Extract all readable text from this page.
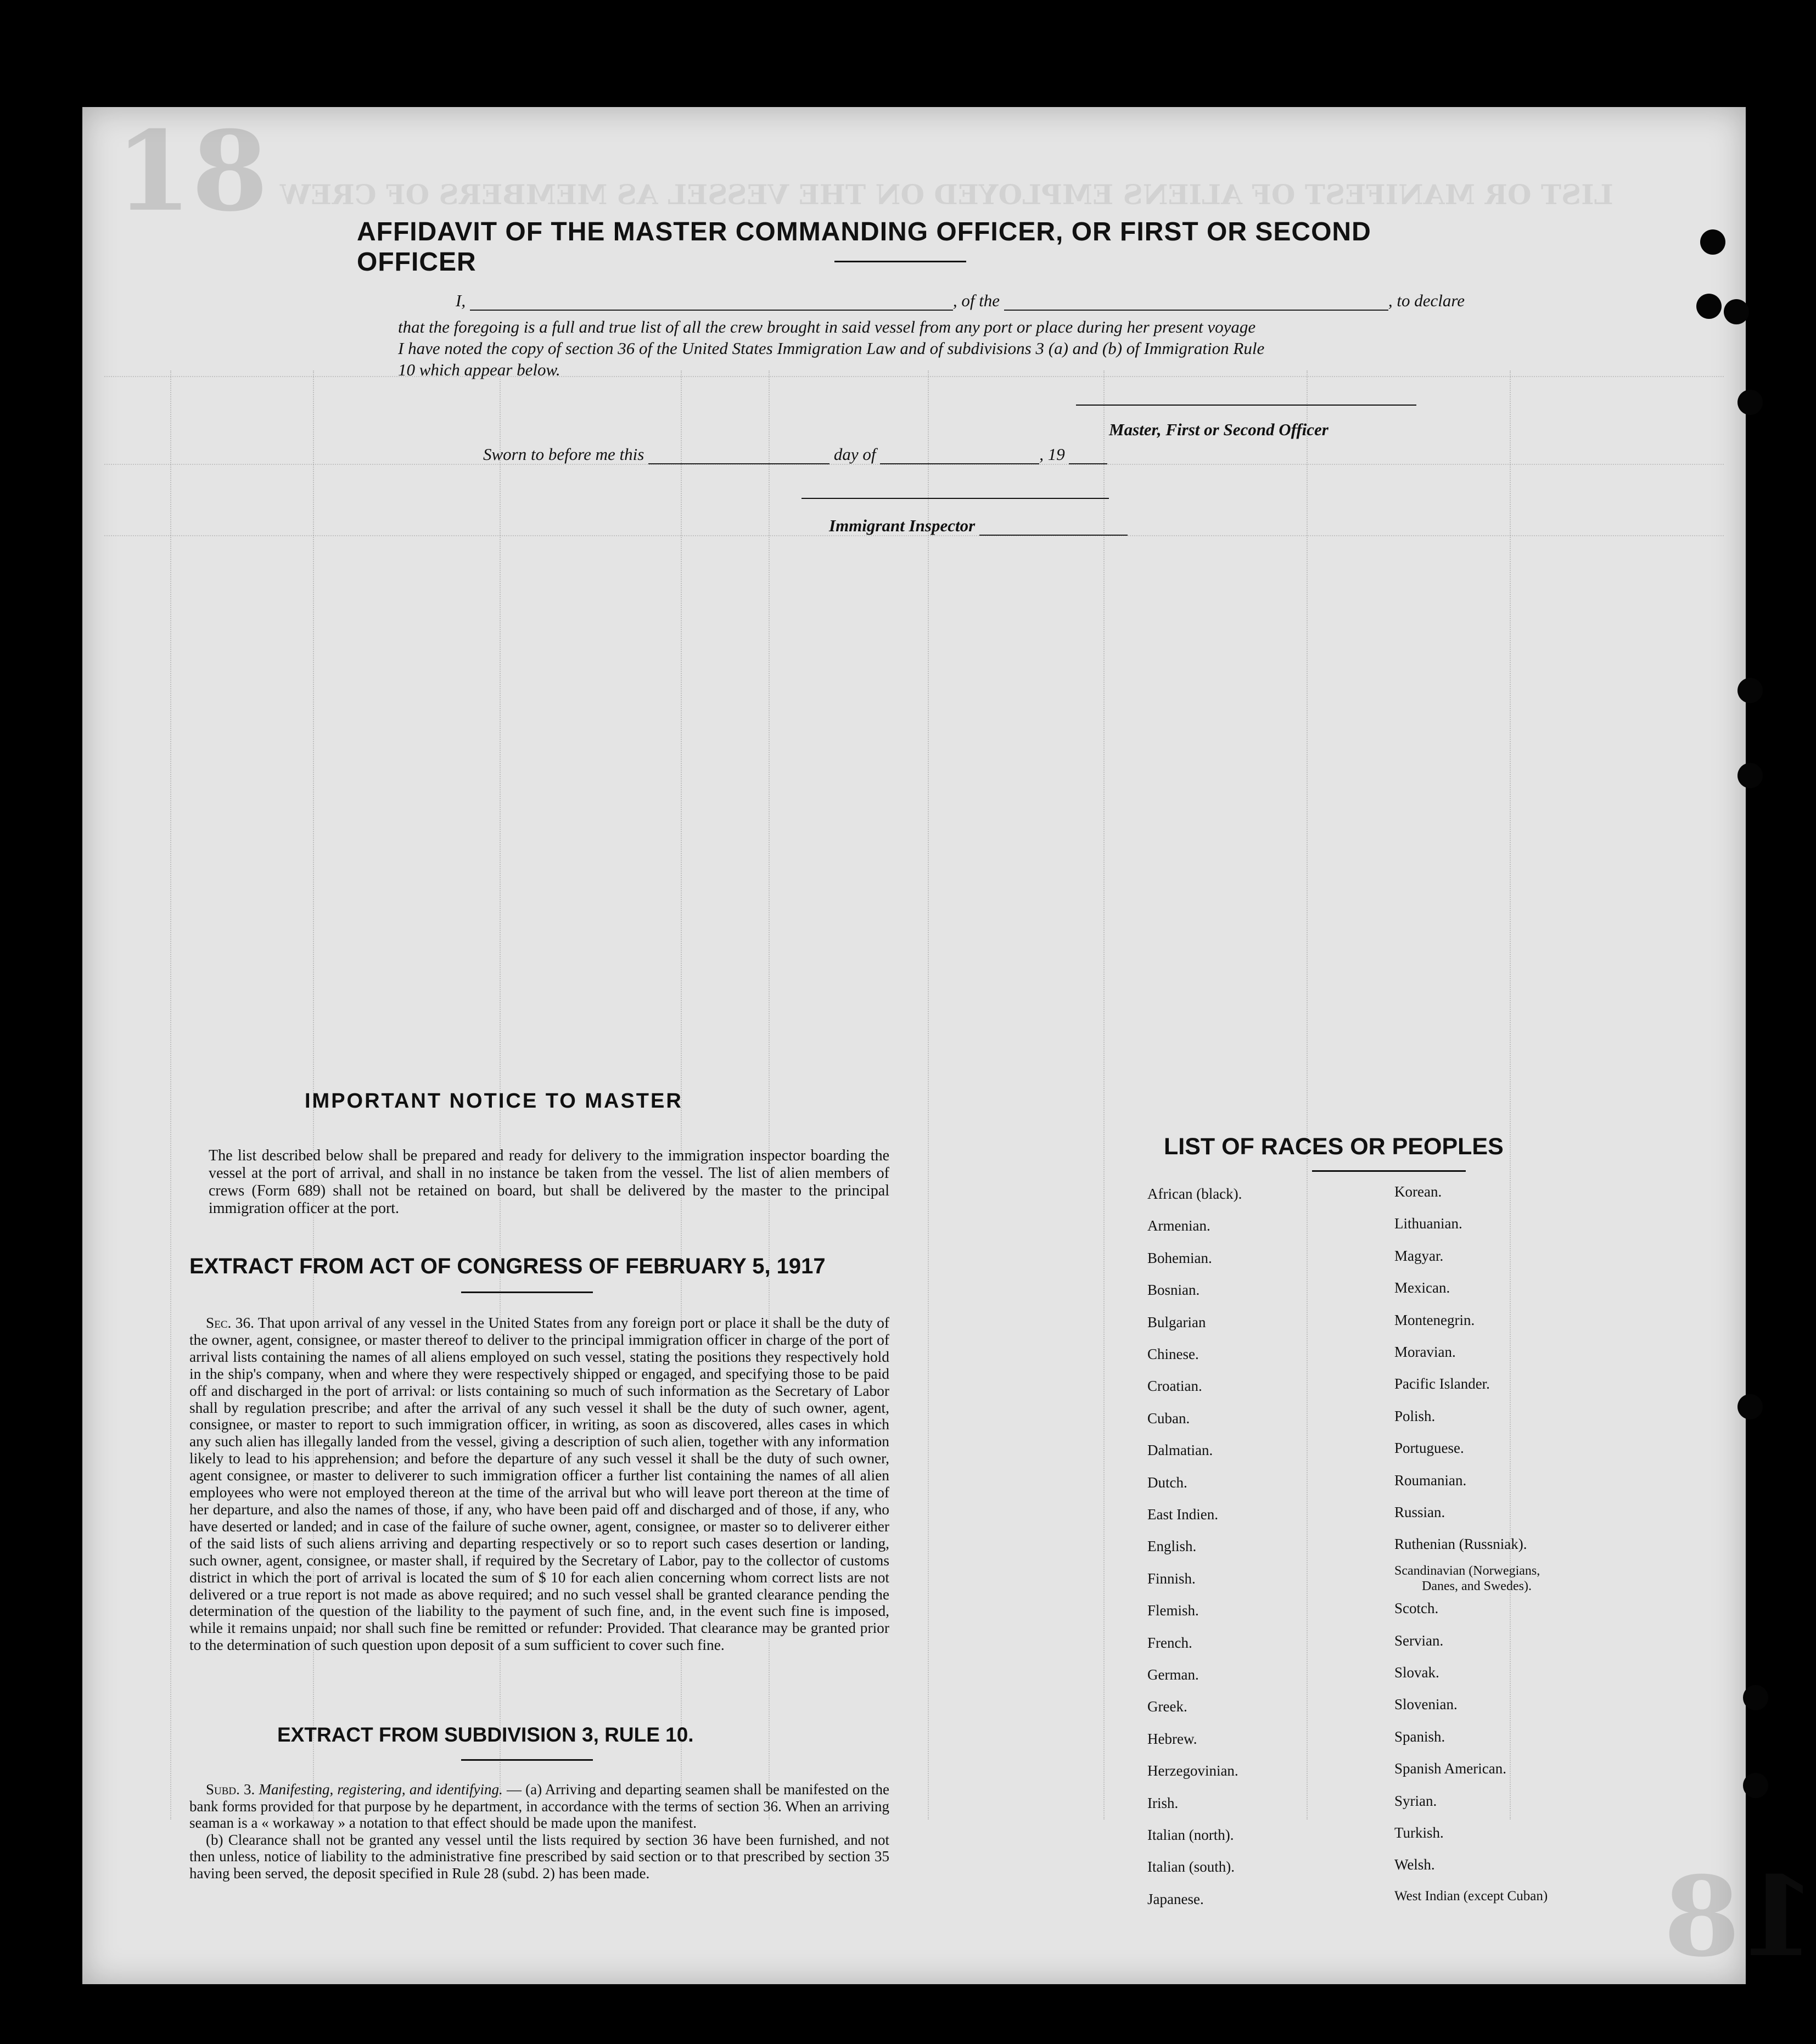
LIST OR MANIFEST OF ALIENS EMPLOYED ON THE VESSEL AS MEMBERS OF CREW
18
18
AFFIDAVIT OF THE MASTER COMMANDING OFFICER, OR FIRST OR SECOND OFFICER
I,	, of the	, to declare
that the foregoing is a full and true list of all the crew brought in said vessel from any port or place during her present voyage
I have noted the copy of section 36 of the United States Immigration Law and of subdivisions 3 (a) and (b) of Immigration Rule
10 which appear below.
Master, First or Second Officer
Sworn to before me this	day of	, 19
Immigrant Inspector
IMPORTANT NOTICE TO MASTER
The list described below shall be prepared and ready for delivery to the immigration inspector boarding the vessel at the port of arrival, and shall in no instance be taken from the vessel. The list of alien members of crews (Form 689) shall not be retained on board, but shall be delivered by the master to the principal immigration officer at the port.
EXTRACT FROM ACT OF CONGRESS OF FEBRUARY 5, 1917
Sec. 36. That upon arrival of any vessel in the United States from any foreign port or place it shall be the duty of the owner, agent, consignee, or master thereof to deliver to the principal immigration officer in charge of the port of arrival lists containing the names of all aliens employed on such vessel, stating the positions they respectively hold in the ship's company, when and where they were respectively shipped or engaged, and specifying those to be paid off and discharged in the port of arrival: or lists containing so much of such information as the Secretary of Labor shall by regulation prescribe; and after the arrival of any such vessel it shall be the duty of such owner, agent, consignee, or master to report to such immigration officer, in writing, as soon as discovered, alles cases in which any such alien has illegally landed from the vessel, giving a description of such alien, together with any information likely to lead to his apprehension; and before the departure of any such vessel it shall be the duty of such owner, agent consignee, or master to deliverer to such immigration officer a further list containing the names of all alien employees who were not employed thereon at the time of the arrival but who will leave port thereon at the time of her departure, and also the names of those, if any, who have been paid off and discharged and of those, if any, who have deserted or landed; and in case of the failure of suche owner, agent, consignee, or master so to deliverer either of the said lists of such aliens arriving and departing respectively or so to report such cases desertion or landing, such owner, agent, consignee, or master shall, if required by the Secretary of Labor, pay to the collector of customs district in which the port of arrival is located the sum of $ 10 for each alien concerning whom correct lists are not delivered or a true report is not made as above required; and no such vessel shall be granted clearance pending the determination of the question of the liability to the payment of such fine, and, in the event such fine is imposed, while it remains unpaid; nor shall such fine be remitted or refunder: Provided. That clearance may be granted prior to the determination of such question upon deposit of a sum sufficient to cover such fine.
EXTRACT FROM SUBDIVISION 3, RULE 10.
Subd. 3. Manifesting, registering, and identifying. — (a) Arriving and departing seamen shall be manifested on the bank forms provided for that purpose by he department, in accordance with the terms of section 36. When an arriving seaman is a « workaway » a notation to that effect should be made upon the manifest.
(b) Clearance shall not be granted any vessel until the lists required by section 36 have been furnished, and not then unless, notice of liability to the administrative fine prescribed by said section or to that prescribed by section 35 having been served, the deposit specified in Rule 28 (subd. 2) has been made.
LIST OF RACES OR PEOPLES
African (black).
Armenian.
Bohemian.
Bosnian.
Bulgarian
Chinese.
Croatian.
Cuban.
Dalmatian.
Dutch.
East Indien.
English.
Finnish.
Flemish.
French.
German.
Greek.
Hebrew.
Herzegovinian.
Irish.
Italian (north).
Italian (south).
Japanese.
Korean.
Lithuanian.
Magyar.
Mexican.
Montenegrin.
Moravian.
Pacific Islander.
Polish.
Portuguese.
Roumanian.
Russian.
Ruthenian (Russniak).
Danes, and Swedes).
Scandinavian (Norwegians,
Scotch.
Servian.
Slovak.
Slovenian.
Spanish.
Spanish American.
Syrian.
Turkish.
Welsh.
West Indian (except Cuban)
